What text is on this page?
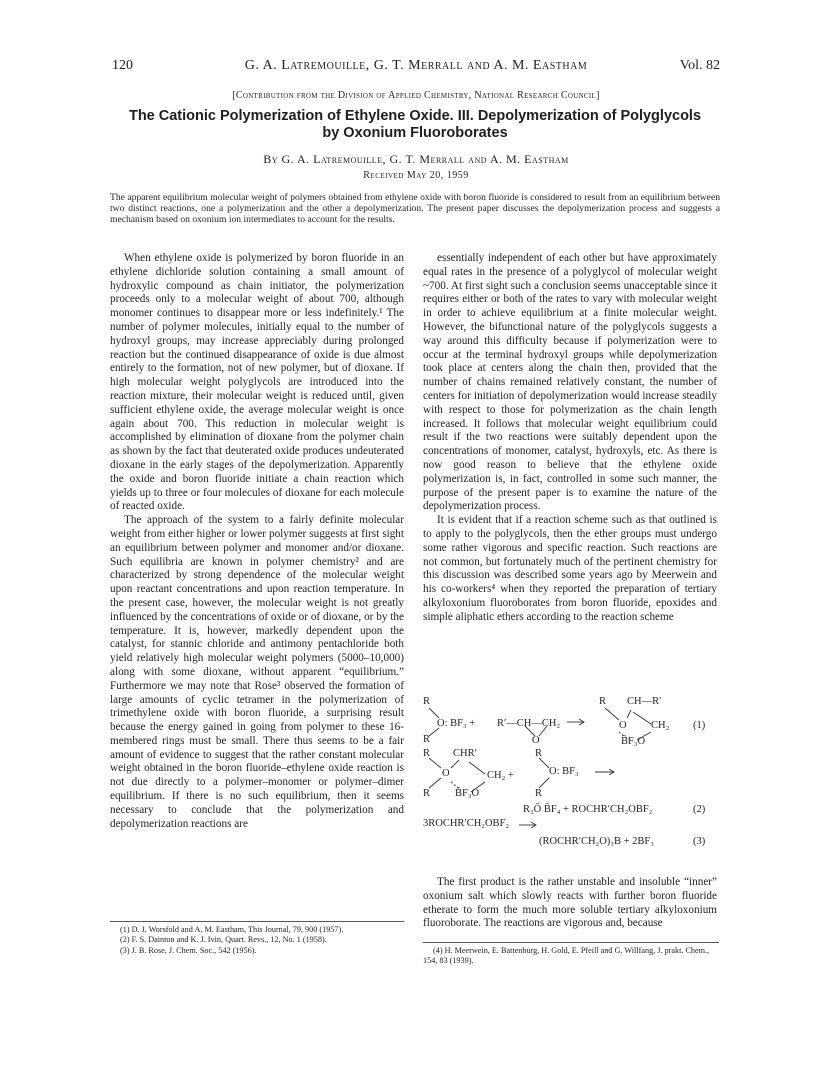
120	G. A. Latremouille, G. T. Merrall and A. M. Eastham	Vol. 82
[Contribution from the Division of Applied Chemistry, National Research Council]
The Cationic Polymerization of Ethylene Oxide. III. Depolymerization of Polyglycols
by Oxonium Fluoroborates
By G. A. Latremouille, G. T. Merrall and A. M. Eastham
Received May 20, 1959
The apparent equilibrium molecular weight of polymers obtained from ethylene oxide with boron fluoride is considered to result from an equilibrium between two distinct reactions, one a polymerization and the other a depolymerization. The present paper discusses the depolymerization process and suggests a mechanism based on oxonium ion intermediates to account for the results.

When ethylene oxide is polymerized by boron fluoride in an ethylene dichloride solution containing a small amount of hydroxylic compound as chain initiator, the polymerization proceeds only to a molecular weight of about 700, although monomer continues to disappear more or less indefinitely.¹ The number of polymer molecules, initially equal to the number of hydroxyl groups, may increase appreciably during prolonged reaction but the continued disappearance of oxide is due almost entirely to the formation, not of new polymer, but of dioxane. If high molecular weight polyglycols are introduced into the reaction mixture, their molecular weight is reduced until, given sufficient ethylene oxide, the average molecular weight is once again about 700. This reduction in molecular weight is accomplished by elimination of dioxane from the polymer chain as shown by the fact that deuterated oxide produces undeuterated dioxane in the early stages of the depolymerization. Apparently the oxide and boron fluoride initiate a chain reaction which yields up to three or four molecules of dioxane for each molecule of reacted oxide.

The approach of the system to a fairly definite molecular weight from either higher or lower polymer suggests at first sight an equilibrium between polymer and monomer and/or dioxane. Such equilibria are known in polymer chemistry² and are characterized by strong dependence of the molecular weight upon reactant concentrations and upon reaction temperature. In the present case, however, the molecular weight is not greatly influenced by the concentrations of oxide or of dioxane, or by the temperature. It is, however, markedly dependent upon the catalyst, for stannic chloride and antimony pentachloride both yield relatively high molecular weight polymers (5000–10,000) along with some dioxane, without apparent “equilibrium.” Furthermore we may note that Rose³ observed the formation of large amounts of cyclic tetramer in the polymerization of trimethylene oxide with boron fluoride, a surprising result because the energy gained in going from polymer to these 16-membered rings must be small. There thus seems to be a fair amount of evidence to suggest that the rather constant molecular weight obtained in the boron fluoride–ethylene oxide reaction is not due directly to a polymer–monomer or polymer–dimer equilibrium. If there is no such equilibrium, then it seems necessary to conclude that the polymerization and depolymerization reactions are

essentially independent of each other but have approximately equal rates in the presence of a polyglycol of molecular weight ~700. At first sight such a conclusion seems unacceptable since it requires either or both of the rates to vary with molecular weight in order to achieve equilibrium at a finite molecular weight. However, the bifunctional nature of the polyglycols suggests a way around this difficulty because if polymerization were to occur at the terminal hydroxyl groups while depolymerization took place at centers along the chain then, provided that the number of chains remained relatively constant, the number of centers for initiation of depolymerization would increase steadily with respect to those for polymerization as the chain length increased. It follows that molecular weight equilibrium could result if the two reactions were suitably dependent upon the concentrations of monomer, catalyst, hydroxyls, etc. As there is now good reason to believe that the ethylene oxide polymerization is, in fact, controlled in some such manner, the purpose of the present paper is to examine the nature of the depolymerization process.

It is evident that if a reaction scheme such as that outlined is to apply to the polyglycols, then the ether groups must undergo some rather vigorous and specific reaction. Such reactions are not common, but fortunately much of the pertinent chemistry for this discussion was described some years ago by Meerwein and his co-workers⁴ when they reported the preparation of tertiary alkyloxonium fluoroborates from boron fluoride, epoxides and simple aliphatic ethers according to the reaction scheme

R
O: BF₃ + R′—CH—CH₂
R	O
R CH—R′
O CH₂
B̄F₃O
(1)
R CHR′	R
O	CH₂ +	O: BF₃
R B̄F₃O	R
R₃Ō B̄F₄ + ROCHR′CH₂OBF₂	(2)
3ROCHR′CH₂OBF₂
(ROCHR′CH₂O)₃B + 2BF₃	(3)

The first product is the rather unstable and insoluble “inner” oxonium salt which slowly reacts with further boron fluoride etherate to form the much more soluble tertiary alkyloxonium fluoroborate. The reactions are vigorous and, because

(1) D. J. Worsfold and A. M. Eastham, This Journal, 79, 900 (1957).

(2) F. S. Dainton and K. J. Ivin, Quart. Revs., 12, No. 1 (1958).

(3) J. B. Rose, J. Chem. Soc., 542 (1956).	(4) H. Meerwein, E. Battenburg, H. Gold, E. Pfeill and G. Willfang, J. prakt. Chem., 154, 83 (1939).
